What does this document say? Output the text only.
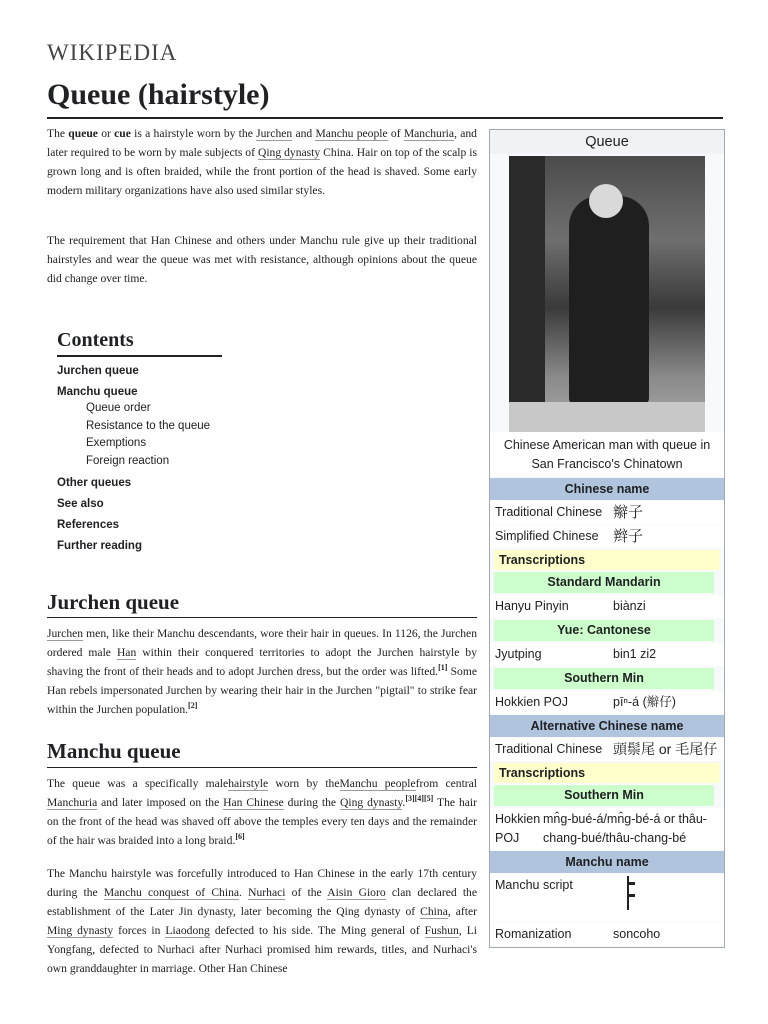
WIKIPEDIA
Queue (hairstyle)

The queue or cue is a hairstyle worn by the Jurchen and Manchu people of Manchuria, and later required to be worn by male subjects of Qing dynasty China. Hair on top of the scalp is grown long and is often braided, while the front portion of the head is shaved. Some early modern military organizations have also used similar styles.

The requirement that Han Chinese and others under Manchu rule give up their traditional hairstyles and wear the queue was met with resistance, although opinions about the queue did change over time.

Contents
Jurchen queue
Manchu queue
Queue order
Resistance to the queue
Exemptions
Foreign reaction
Other queues
See also
References
Further reading
Jurchen queue

Jurchen men, like their Manchu descendants, wore their hair in queues. In 1126, the Jurchen ordered male Han within their conquered territories to adopt the Jurchen hairstyle by shaving the front of their heads and to adopt Jurchen dress, but the order was lifted.[1] Some Han rebels impersonated Jurchen by wearing their hair in the Jurchen "pigtail" to strike fear within the Jurchen population.[2]

Manchu queue

The queue was a specifically malehairstyle worn by theManchu peoplefrom central Manchuria and later imposed on the Han Chinese during the Qing dynasty.[3][4][5] The hair on the front of the head was shaved off above the temples every ten days and the remainder of the hair was braided into a long braid.[6]

The Manchu hairstyle was forcefully introduced to Han Chinese in the early 17th century during the Manchu conquest of China. Nurhaci of the Aisin Gioro clan declared the establishment of the Later Jin dynasty, later becoming the Qing dynasty of China, after Ming dynasty forces in Liaodong defected to his side. The Ming general of Fushun, Li Yongfang, defected to Nurhaci after Nurhaci promised him rewards, titles, and Nurhaci's own granddaughter in marriage. Other Han Chinese

Queue
Chinese American man with queue in San Francisco's Chinatown
Chinese name
Traditional Chinese 辮子
Simplified Chinese 辫子
Transcriptions
Standard Mandarin
Hanyu Pinyin	biànzi
Yue: Cantonese
Jyutping	bin1 zi2
Southern Min
Hokkien POJ	pīⁿ-á (辮仔)
Alternative Chinese name
Traditional Chinese 頭鬃尾 or 毛尾仔
Transcriptions
Southern Min
Hokkien POJ
mn̂g-bué-á/mn̂g-bé-á or thâu-chang-bué/thâu-chang-bé
Manchu name
Manchu script
Romanization	soncoho
